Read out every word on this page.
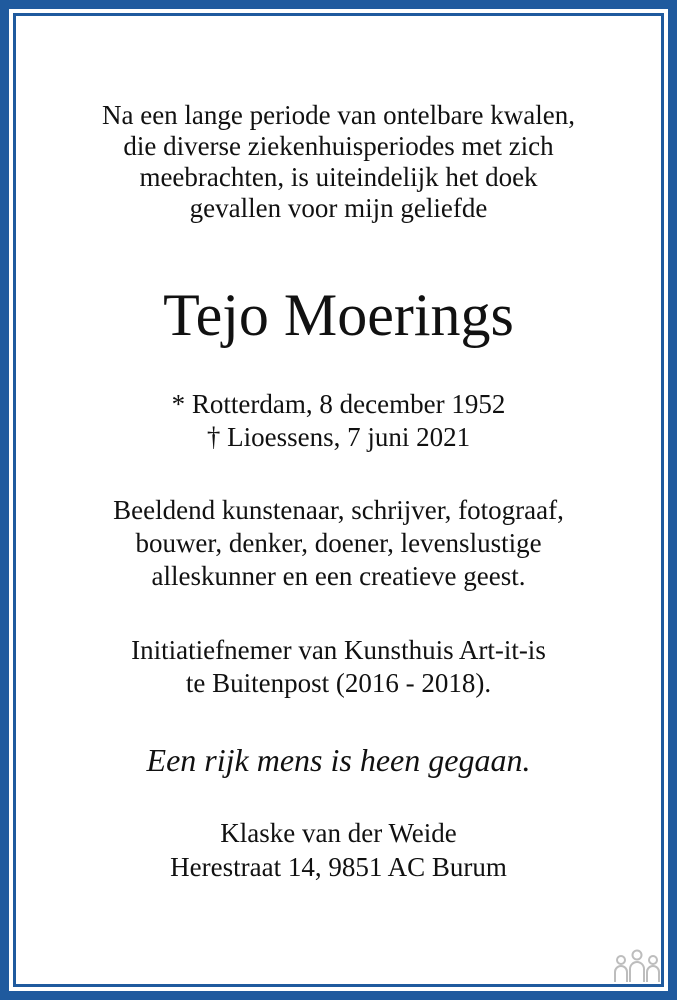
Na een lange periode van ontelbare kwalen,
die diverse ziekenhuisperiodes met zich
meebrachten, is uiteindelijk het doek
gevallen voor mijn geliefde
Tejo Moerings
* Rotterdam, 8 december 1952
† Lioessens, 7 juni 2021
Beeldend kunstenaar, schrijver, fotograaf,
bouwer, denker, doener, levenslustige
alleskunner en een creatieve geest.
Initiatiefnemer van Kunsthuis Art-it-is
te Buitenpost (2016 - 2018).
Een rijk mens is heen gegaan.
Klaske van der Weide
Herestraat 14, 9851 AC Burum
